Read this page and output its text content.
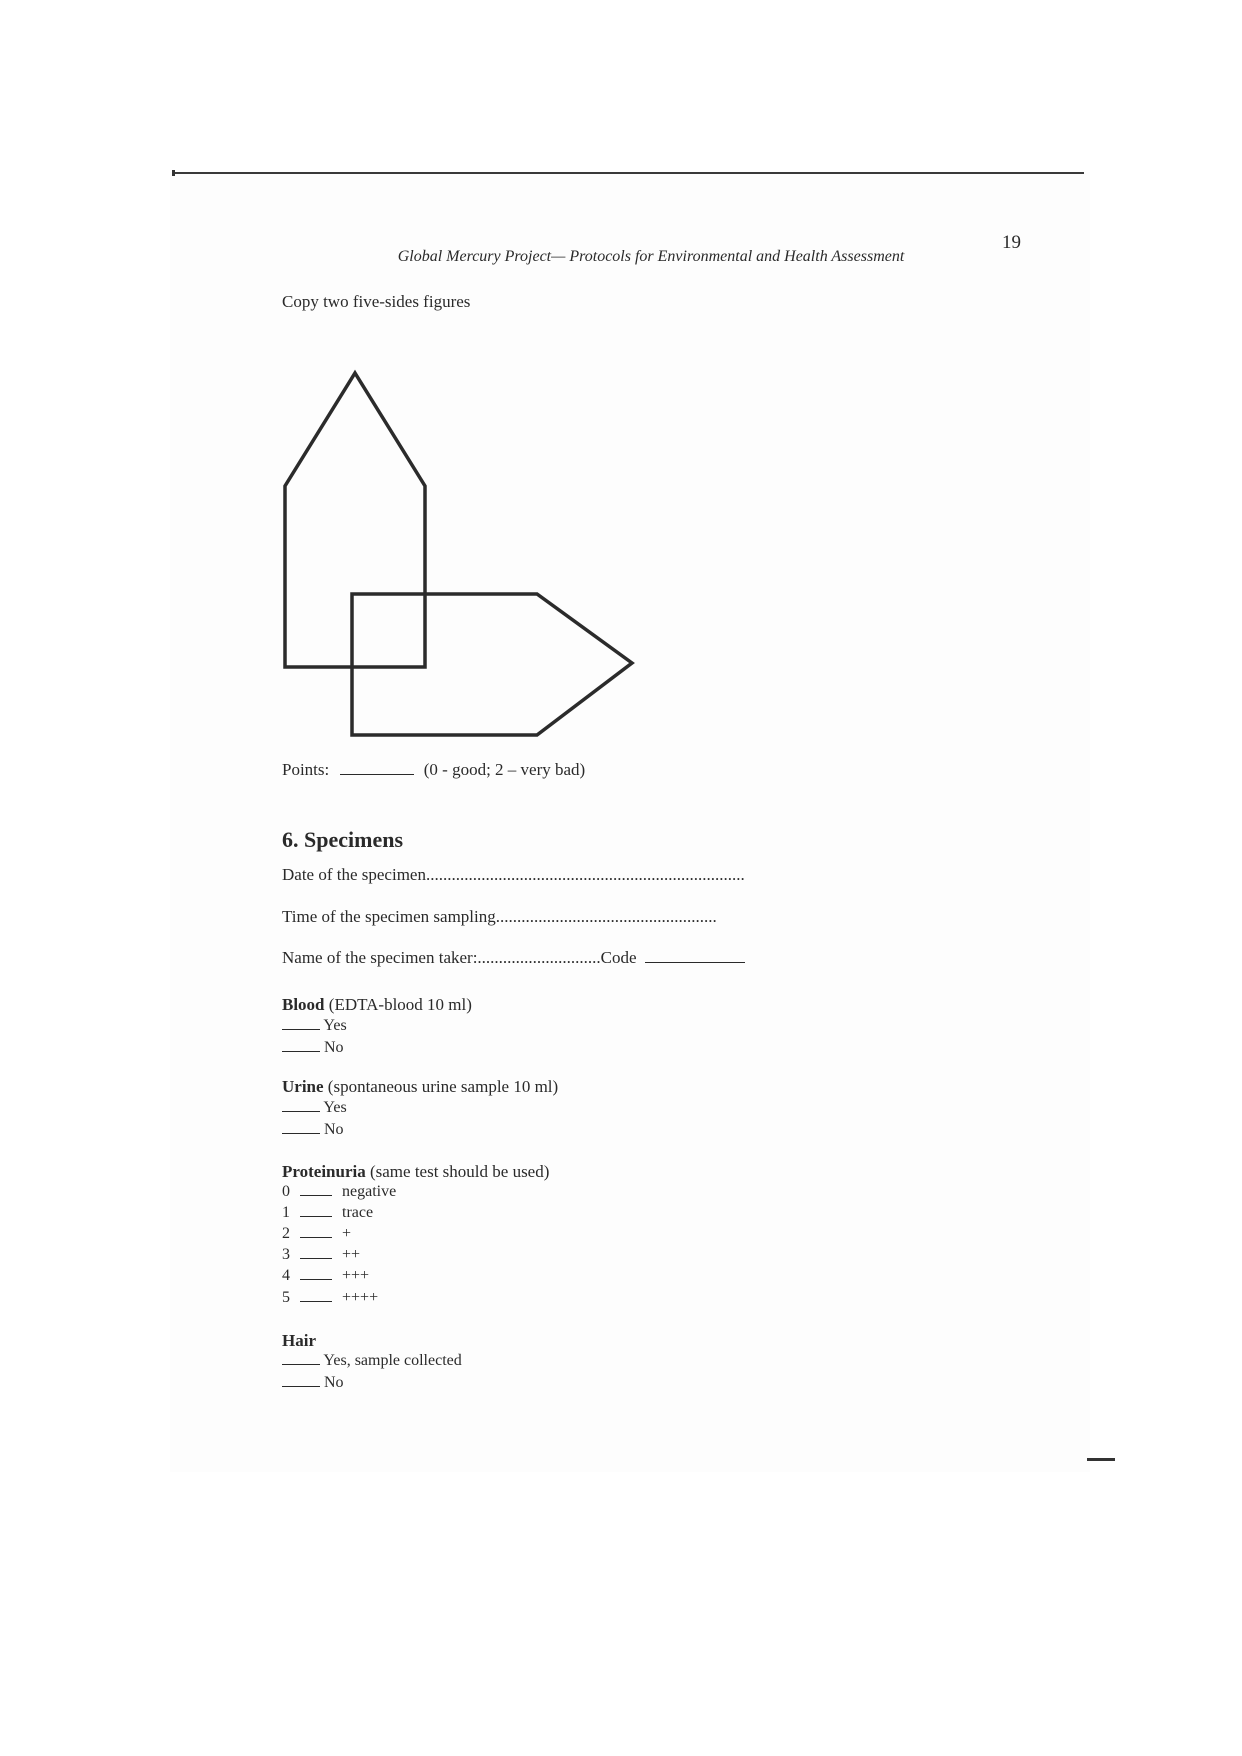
19
Global Mercury Project— Protocols for Environmental and Health Assessment
Copy two five-sides figures
Points:	(0 - good; 2 – very bad)
6. Specimens
Date of the specimen...........................................................................
Time of the specimen sampling....................................................
Name of the specimen taker:.............................Code
Blood (EDTA-blood 10 ml)
Yes
No
Urine (spontaneous urine sample 10 ml)
Yes
No
Proteinuria (same test should be used)
0	negative
1	trace
2	+
3	++
4	+++
5	++++
Hair
Yes, sample collected
No
